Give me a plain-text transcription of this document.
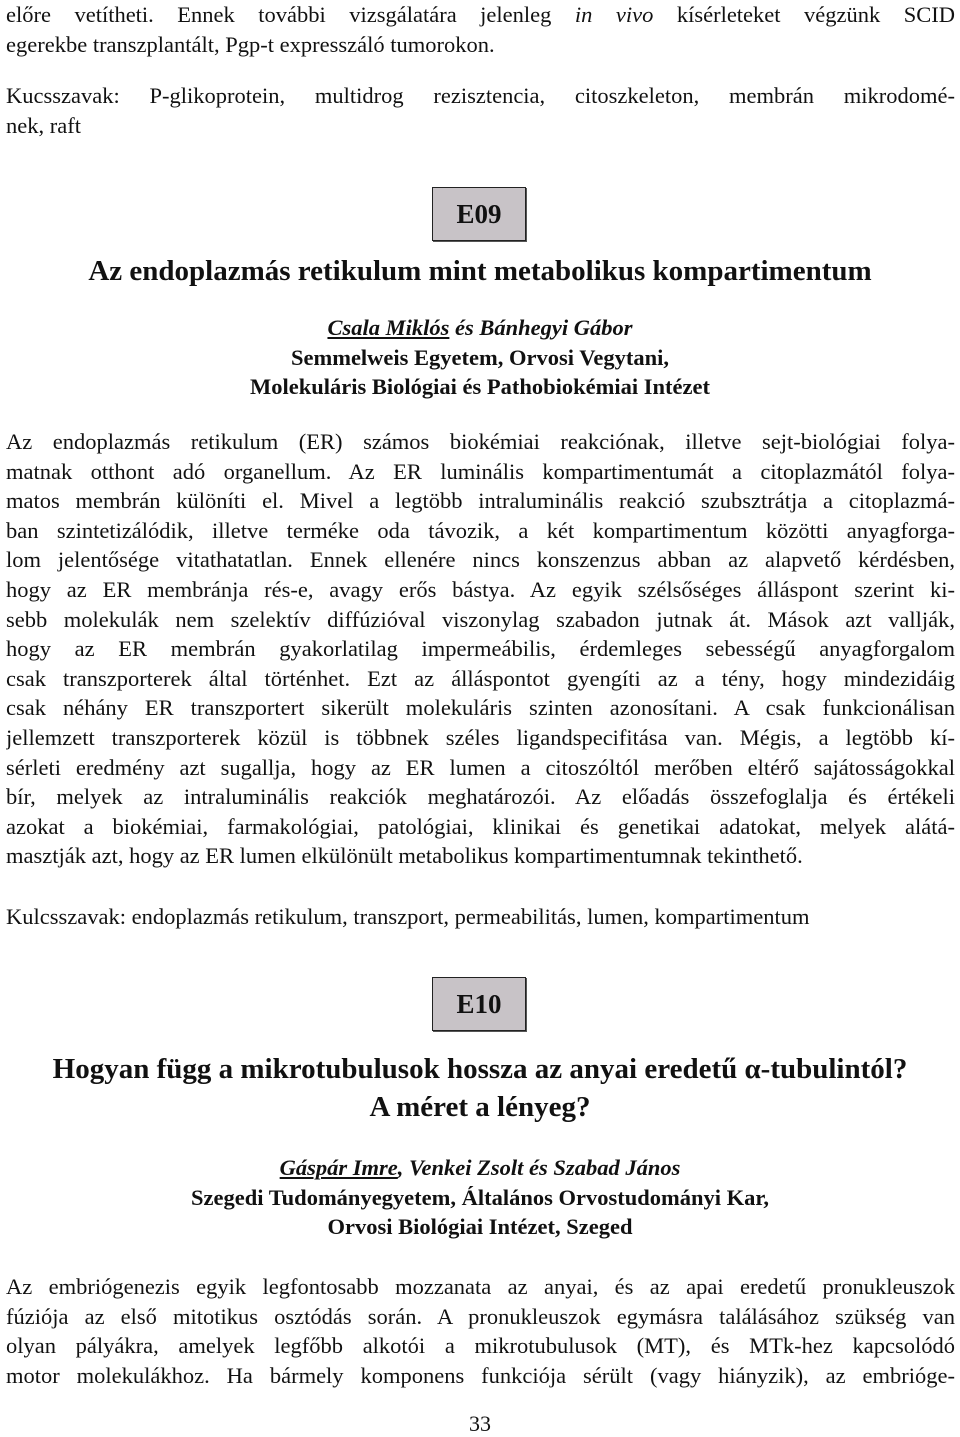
előre vetítheti. Ennek további vizsgálatára jelenleg in vivo kísérleteket végzünk SCID
egerekbe transzplantált, Pgp-t expresszáló tumorokon.
Kucsszavak: P-glikoprotein, multidrog rezisztencia, citoszkeleton, membrán mikrodomé-
nek, raft
E09
Az endoplazmás retikulum mint metabolikus kompartimentum
Csala Miklós és Bánhegyi Gábor
Semmelweis Egyetem, Orvosi Vegytani,
Molekuláris Biológiai és Pathobiokémiai Intézet
Az endoplazmás retikulum (ER) számos biokémiai reakciónak, illetve sejt-biológiai folya-
matnak otthont adó organellum. Az ER luminális kompartimentumát a citoplazmától folya-
matos membrán különíti el. Mivel a legtöbb intraluminális reakció szubsztrátja a citoplazmá-
ban szintetizálódik, illetve terméke oda távozik, a két kompartimentum közötti anyagforga-
lom jelentősége vitathatatlan. Ennek ellenére nincs konszenzus abban az alapvető kérdésben,
hogy az ER membránja rés-e, avagy erős bástya. Az egyik szélsőséges álláspont szerint ki-
sebb molekulák nem szelektív diffúzióval viszonylag szabadon jutnak át. Mások azt vallják,
hogy az ER membrán gyakorlatilag impermeábilis, érdemleges sebességű anyagforgalom
csak transzporterek által történhet. Ezt az álláspontot gyengíti az a tény, hogy mindezidáig
csak néhány ER transzportert sikerült molekuláris szinten azonosítani. A csak funkcionálisan
jellemzett transzporterek közül is többnek széles ligandspecifitása van. Mégis, a legtöbb kí-
sérleti eredmény azt sugallja, hogy az ER lumen a citoszóltól merőben eltérő sajátosságokkal
bír, melyek az intraluminális reakciók meghatározói. Az előadás összefoglalja és értékeli
azokat a biokémiai, farmakológiai, patológiai, klinikai és genetikai adatokat, melyek alátá-
masztják azt, hogy az ER lumen elkülönült metabolikus kompartimentumnak tekinthető.
Kulcsszavak: endoplazmás retikulum, transzport, permeabilitás, lumen, kompartimentum
E10
Hogyan függ a mikrotubulusok hossza az anyai eredetű α-tubulintól?
A méret a lényeg?
Gáspár Imre, Venkei Zsolt és Szabad János
Szegedi Tudományegyetem, Általános Orvostudományi Kar,
Orvosi Biológiai Intézet, Szeged
Az embriógenezis egyik legfontosabb mozzanata az anyai, és az apai eredetű pronukleuszok
fúziója az első mitotikus osztódás során. A pronukleuszok egymásra találásához szükség van
olyan pályákra, amelyek legfőbb alkotói a mikrotubulusok (MT), és MTk-hez kapcsolódó
motor molekulákhoz. Ha bármely komponens funkciója sérült (vagy hiányzik), az embrióge-
33
